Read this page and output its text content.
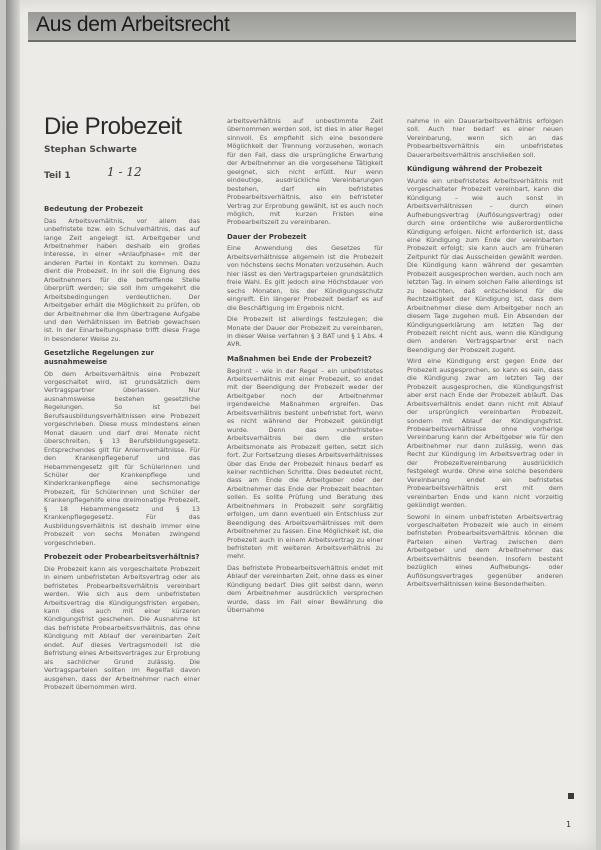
Aus dem Arbeitsrecht
Die Probezeit
Stephan Schwarte
Teil 1	1 - 12
Bedeutung der Probezeit

Das Arbeitsverhältnis, vor allem das unbefristete bzw. ein Schulverhältnis, das auf lange Zeit angelegt ist. Arbeitgeber und Arbeitnehmer haben deshalb ein großes Interesse, in einer »Anlaufphase« mit der anderen Partei in Kontakt zu kommen. Dazu dient die Probezeit. In ihr soll die Eignung des Arbeitnehmers für die betreffende Stelle überprüft werden; sie soll ihm umgekehrt die Arbeitsbedingungen verdeutlichen. Der Arbeitgeber erhält die Möglichkeit zu prüfen, ob der Arbeitnehmer die ihm übertragene Aufgabe und den Verhältnissen im Betrieb gewachsen ist. In der Einarbeitungsphase trifft diese Frage in besonderer Weise zu.

Gesetzliche Regelungen zur ausnahmeweise

Ob dem Arbeitsverhältnis eine Probezeit vorgeschaltet wird, ist grundsätzlich dem Vertragspartner überlassen. Nur ausnahmsweise bestehen gesetzliche Regelungen. So ist bei Berufsausbildungsverhältnissen eine Probezeit vorgeschrieben. Diese muss mindestens einen Monat dauern und darf drei Monate nicht überschreiten, § 13 Berufsbildungsgesetz. Entsprechendes gilt für Anlernverhältnisse. Für den Krankenpflegeberuf und das Hebammengesetz gilt für Schülerinnen und Schüler der Krankenpflege und Kinderkrankenpflege eine sechsmonatige Probezeit, für Schülerinnen und Schüler der Krankenpflegehilfe eine dreimonatige Probezeit, § 18 Hebammengesetz und § 13 Krankenpflegegesetz. Für das Ausbildungsverhältnis ist deshalb immer eine Probezeit von sechs Monaten zwingend vorgeschrieben.

Probezeit oder Probearbeitsverhältnis?

Die Probezeit kann als vorgeschaltete Probezeit in einem unbefristeten Arbeitsvertrag oder als befristetes Probearbeitsverhältnis vereinbart werden. Wie sich aus dem unbefristeten Arbeitsvertrag die Kündigungsfristen ergeben, kann dies auch mit einer kürzeren Kündigungsfrist geschehen. Die Ausnahme ist das befristete Probearbeitsverhältnis, das ohne Kündigung mit Ablauf der vereinbarten Zeit endet. Auf dieses Vertragsmodell ist die Befristung eines Arbeitsvertrages zur Erprobung als sachlicher Grund zulässig. Die Vertragsparteien sollten im Regelfall davon ausgehen, dass der Arbeitnehmer nach einer Probezeit übernommen wird.

arbeitsverhältnis auf unbestimmte Zeit übernommen werden soll, ist dies in aller Regel sinnvoll. Es empfiehlt sich eine besondere Möglichkeit der Trennung vorzusehen, wonach für den Fall, dass die ursprüngliche Erwartung der Arbeitnehmer an die vorgesehene Tätigkeit geeignet, sich nicht erfüllt. Nur wenn eindeutige, ausdrückliche Vereinbarungen bestehen, darf ein befristetes Probearbeitsverhältnis, also ein befristeter Vertrag zur Erprobung gewählt, ist es auch noch möglich, mit kurzen Fristen eine Probearbeitszeit zu vereinbaren.

Dauer der Probezeit

Eine Anwendung des Gesetzes für Arbeitsverhältnisse allgemein ist die Probezeit von höchstens sechs Monaten vorzusehen. Auch hier lässt es den Vertragsparteien grundsätzlich freie Wahl. Es gilt jedoch eine Höchstdauer von sechs Monaten, bis der Kündigungsschutz eingreift. Ein längerer Probezeit bedarf es auf die Beschäftigung im Ergebnis nicht.

Die Probezeit ist allerdings festzulegen; die Monate der Dauer der Probezeit zu vereinbaren, in dieser Weise verfahren § 3 BAT und § 1 Abs. 4 AVR.

Maßnahmen bei Ende der Probezeit?

Beginnt – wie in der Regel – ein unbefristetes Arbeitsverhältnis mit einer Probezeit, so endet mit der Beendigung der Probezeit weder der Arbeitgeber noch der Arbeitnehmer irgendwelche Maßnahmen ergreifen. Das Arbeitsverhältnis besteht unbefristet fort, wenn es nicht während der Probezeit gekündigt wurde. Denn das »unbefristete« Arbeitsverhältnis bei dem die ersten Arbeitsmonate als Probezeit gelten, setzt sich fort. Zur Fortsetzung dieses Arbeitsverhältnisses über das Ende der Probezeit hinaus bedarf es keiner rechtlichen Schritte. Dies bedeutet nicht, dass am Ende die Arbeitgeber oder der Arbeitnehmer das Ende der Probezeit beachten sollen. Es sollte Prüfung und Beratung des Arbeitnehmers in Probezeit sehr sorgfältig erfolgen, um dann eventuell ein Entschluss zur Beendigung des Arbeitsverhältnisses mit dem Arbeitnehmer zu fassen. Eine Möglichkeit ist, die Probezeit auch in einem Arbeitsvertrag zu einer befristeten mit weiteren Arbeitsverhältnis zu mehr.

Das befristete Probearbeitsverhältnis endet mit Ablauf der vereinbarten Zeit, ohne dass es einer Kündigung bedarf. Dies gilt selbst dann, wenn dem Arbeitnehmer ausdrücklich versprochen wurde, dass im Fall einer Bewährung die Übernahme

nahme in ein Dauerarbeitsverhältnis erfolgen soll. Auch hier bedarf es einer neuen Vereinbarung, wenn sich an das Probearbeitsverhältnis ein unbefristetes Dauerarbeitsverhältnis anschließen soll.

Kündigung während der Probezeit

Wurde ein unbefristetes Arbeitsverhältnis mit vorgeschalteter Probezeit vereinbart, kann die Kündigung – wie auch sonst in Arbeitsverhältnissen – durch einen Aufhebungsvertrag (Auflösungsvertrag) oder durch eine ordentliche wie außerordentliche Kündigung erfolgen. Nicht erforderlich ist, dass eine Kündigung zum Ende der vereinbarten Probezeit erfolgt; sie kann auch am früheren Zeitpunkt für das Ausscheiden gewählt werden. Die Kündigung kann während der gesamten Probezeit ausgesprochen werden, auch noch am letzten Tag. In einem solchen Falle allerdings ist zu beachten, daß entscheidend für die Rechtzeitigkeit der Kündigung ist, dass dem Arbeitnehmer diese dem Arbeitgeber noch an diesem Tage zugehen muß. Ein Absenden der Kündigungserklärung am letzten Tag der Probezeit reicht nicht aus, wenn die Kündigung dem anderen Vertragspartner erst nach Beendigung der Probezeit zugeht.

Wird eine Kündigung erst gegen Ende der Probezeit ausgesprochen, so kann es sein, dass die Kündigung zwar am letzten Tag der Probezeit ausgesprochen, die Kündigungsfrist aber erst nach Ende der Probezeit abläuft. Das Arbeitsverhältnis endet dann nicht mit Ablauf der ursprünglich vereinbarten Probezeit, sondern mit Ablauf der Kündigungsfrist. Probearbeitsverhältnisse ohne vorherige Vereinbarung kann der Arbeitgeber wie für den Arbeitnehmer nur dann zulässig, wenn das Recht zur Kündigung im Arbeitsvertrag oder in der Probezeitvereinbarung ausdrücklich festgelegt wurde. Ohne eine solche besondere Vereinbarung endet ein befristetes Probearbeitsverhältnis erst mit dem vereinbarten Ende und kann nicht vorzeitig gekündigt werden.

Sowohl in einem unbefristeten Arbeitsvertrag vorgeschalteten Probezeit wie auch in einem befristeten Probearbeitsverhältnis können die Parteien einen Vertrag zwischen dem Arbeitgeber und dem Arbeitnehmer das Arbeitsverhältnis beenden. Insofern besteht bezüglich eines Aufhebungs- oder Auflösungsvertrages gegenüber anderen Arbeitsverhältnissen keine Besonderheiten.

1
